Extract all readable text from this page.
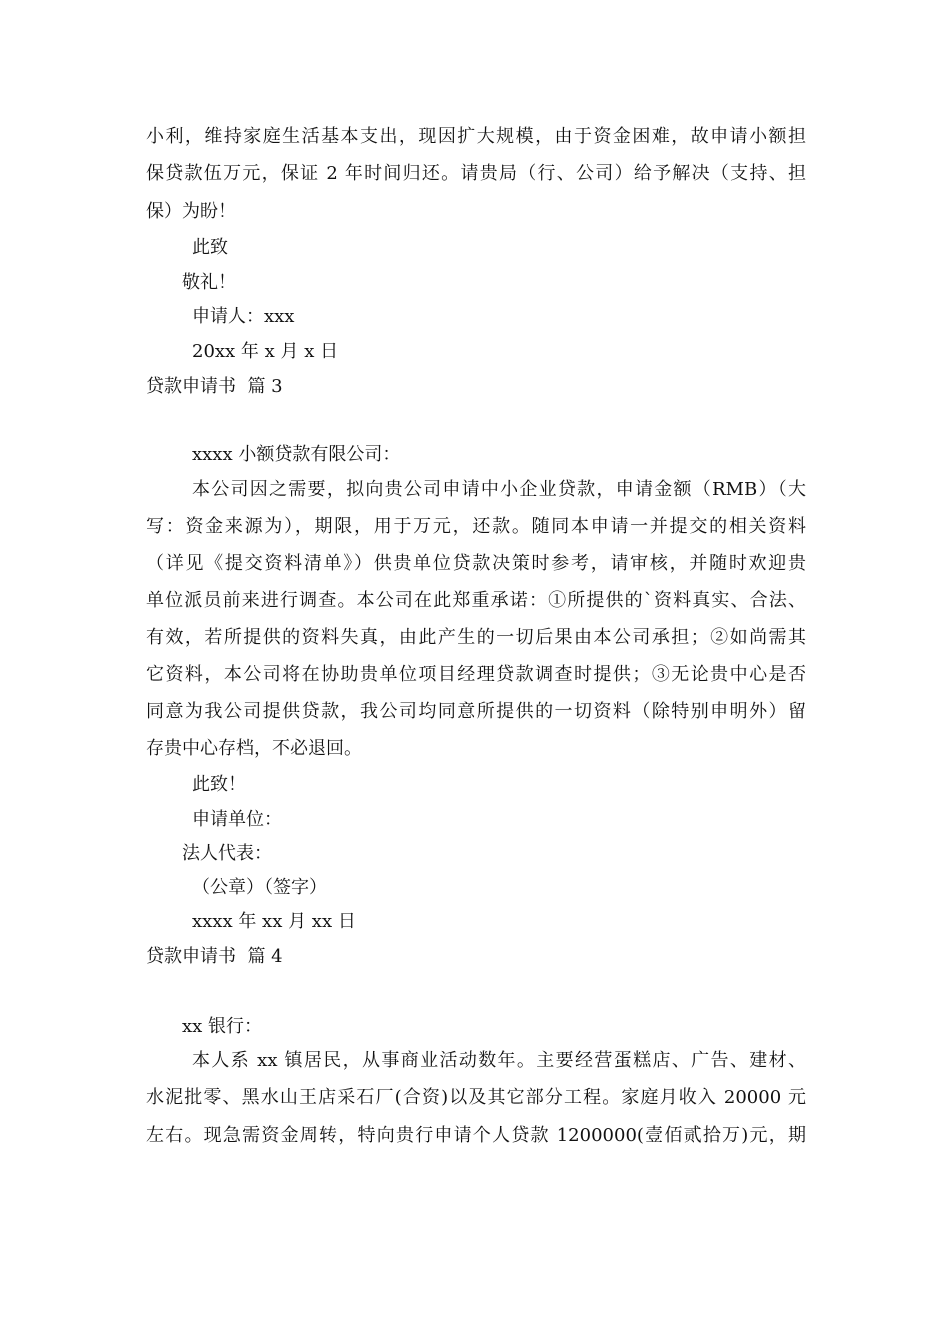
小利，维持家庭生活基本支出，现因扩大规模，由于资金困难，故申请小额担
保贷款伍万元，保证 2 年时间归还。请贵局（行、公司）给予解决（支持、担
保）为盼！
此致
敬礼！
申请人：xxx
20xx 年 x 月 x 日
贷款申请书  篇 3
xxxx 小额贷款有限公司：
本公司因之需要，拟向贵公司申请中小企业贷款，申请金额（RMB）（大
写：资金来源为），期限，用于万元，还款。随同本申请一并提交的相关资料
（详见《提交资料清单》）供贵单位贷款决策时参考，请审核，并随时欢迎贵
单位派员前来进行调查。本公司在此郑重承诺：①所提供的`资料真实、合法、
有效，若所提供的资料失真，由此产生的一切后果由本公司承担；②如尚需其
它资料，本公司将在协助贵单位项目经理贷款调查时提供；③无论贵中心是否
同意为我公司提供贷款，我公司均同意所提供的一切资料（除特别申明外）留
存贵中心存档，不必退回。
此致！
申请单位：
法人代表：
（公章）（签字）
xxxx 年 xx 月 xx 日
贷款申请书  篇 4
xx 银行：
本人系 xx 镇居民，从事商业活动数年。主要经营蛋糕店、广告、建材、
水泥批零、黑水山王店采石厂(合资)以及其它部分工程。家庭月收入 20000 元
左右。现急需资金周转，特向贵行申请个人贷款 1200000(壹佰贰拾万)元，期
